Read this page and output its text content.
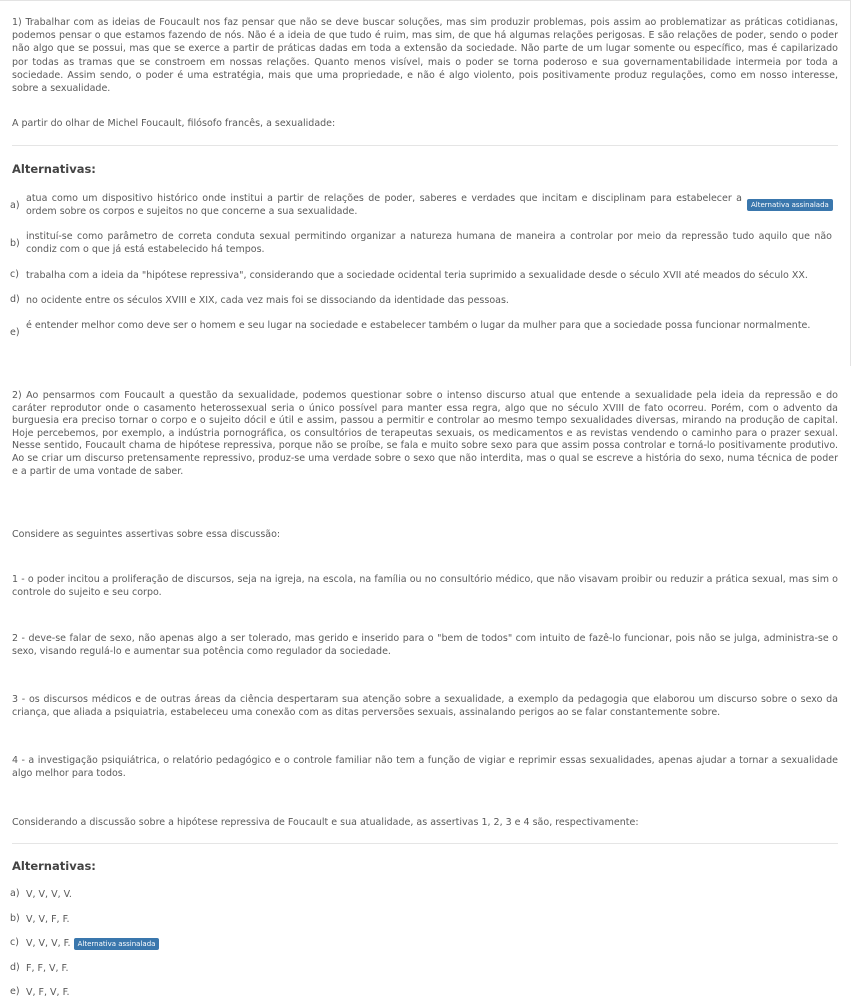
1) Trabalhar com as ideias de Foucault nos faz pensar que não se deve buscar soluções, mas sim produzir problemas, pois assim ao problematizar as práticas cotidianas, podemos pensar o que estamos fazendo de nós. Não é a ideia de que tudo é ruim, mas sim, de que há algumas relações perigosas. E são relações de poder, sendo o poder não algo que se possui, mas que se exerce a partir de práticas dadas em toda a extensão da sociedade. Não parte de um lugar somente ou específico, mas é capilarizado por todas as tramas que se constroem em nossas relações. Quanto menos visível, mais o poder se torna poderoso e sua governamentabilidade intermeia por toda a sociedade. Assim sendo, o poder é uma estratégia, mais que uma propriedade, e não é algo violento, pois positivamente produz regulações, como em nosso interesse, sobre a sexualidade.

A partir do olhar de Michel Foucault, filósofo francês, a sexualidade:

Alternativas:
a)
atua como um dispositivo histórico onde institui a partir de relações de poder, saberes e verdades que incitam e disciplinam para estabelecer a ordem sobre os corpos e sujeitos no que concerne a sua sexualidade.
Alternativa assinalada
b)
instituí-se como parâmetro de correta conduta sexual permitindo organizar a natureza humana de maneira a controlar por meio da repressão tudo aquilo que não condiz com o que já está estabelecido há tempos.
c) trabalha com a ideia da "hipótese repressiva", considerando que a sociedade ocidental teria suprimido a sexualidade desde o século XVII até meados do século XX.
d) no ocidente entre os séculos XVIII e XIX, cada vez mais foi se dissociando da identidade das pessoas.
e)
é entender melhor como deve ser o homem e seu lugar na sociedade e estabelecer também o lugar da mulher para que a sociedade possa funcionar normalmente.

2) Ao pensarmos com Foucault a questão da sexualidade, podemos questionar sobre o intenso discurso atual que entende a sexualidade pela ideia da repressão e do caráter reprodutor onde o casamento heterossexual seria o único possível para manter essa regra, algo que no século XVIII de fato ocorreu. Porém, com o advento da burguesia era preciso tornar o corpo e o sujeito dócil e útil e assim, passou a permitir e controlar ao mesmo tempo sexualidades diversas, mirando na produção de capital. Hoje percebemos, por exemplo, a indústria pornográfica, os consultórios de terapeutas sexuais, os medicamentos e as revistas vendendo o caminho para o prazer sexual. Nesse sentido, Foucault chama de hipótese repressiva, porque não se proíbe, se fala e muito sobre sexo para que assim possa controlar e torná-lo positivamente produtivo. Ao se criar um discurso pretensamente repressivo, produz-se uma verdade sobre o sexo que não interdita, mas o qual se escreve a história do sexo, numa técnica de poder e a partir de uma vontade de saber.

Considere as seguintes assertivas sobre essa discussão:

1 - o poder incitou a proliferação de discursos, seja na igreja, na escola, na família ou no consultório médico, que não visavam proibir ou reduzir a prática sexual, mas sim o controle do sujeito e seu corpo.

2 - deve-se falar de sexo, não apenas algo a ser tolerado, mas gerido e inserido para o "bem de todos" com intuito de fazê-lo funcionar, pois não se julga, administra-se o sexo, visando regulá-lo e aumentar sua potência como regulador da sociedade.

3 - os discursos médicos e de outras áreas da ciência despertaram sua atenção sobre a sexualidade, a exemplo da pedagogia que elaborou um discurso sobre o sexo da criança, que aliada a psiquiatria, estabeleceu uma conexão com as ditas perversões sexuais, assinalando perigos ao se falar constantemente sobre.

4 - a investigação psiquiátrica, o relatório pedagógico e o controle familiar não tem a função de vigiar e reprimir essas sexualidades, apenas ajudar a tornar a sexualidade algo melhor para todos.

Considerando a discussão sobre a hipótese repressiva de Foucault e sua atualidade, as assertivas 1, 2, 3 e 4 são, respectivamente:

Alternativas:
a) V, V, V, V.
b) V, V, F, F.
c) V, V, V, F. Alternativa assinalada
d) F, F, V, F.
e) V, F, V, F.
